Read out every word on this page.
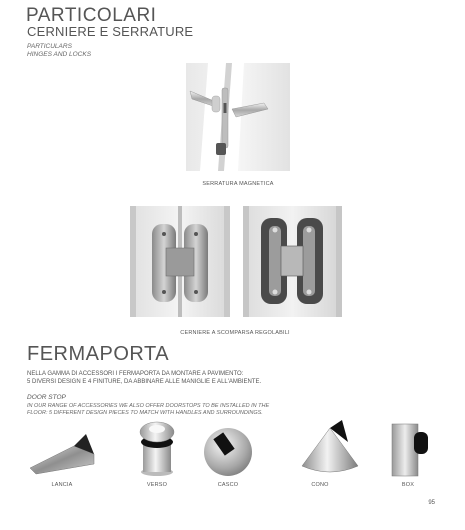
PARTICOLARI
CERNIERE E SERRATURE
PARTICULARS
HINGES AND LOCKS
SERRATURA MAGNETICA
CERNIERE A SCOMPARSA REGOLABILI
FERMAPORTA
NELLA GAMMA DI ACCESSORI I FERMAPORTA DA MONTARE A PAVIMENTO:
5 DIVERSI DESIGN E 4 FINITURE, DA ABBINARE ALLE MANIGLIE E ALL'AMBIENTE.
DOOR STOP
IN OUR RANGE OF ACCESSORIES WE ALSO OFFER DOORSTOPS TO BE INSTALLED IN THE
FLOOR: 5 DIFFERENT DESIGN PIECES TO MATCH WITH HANDLES AND SURROUNDINGS.
LANCIA	VERSO	CASCO	CONO	BOX
95
